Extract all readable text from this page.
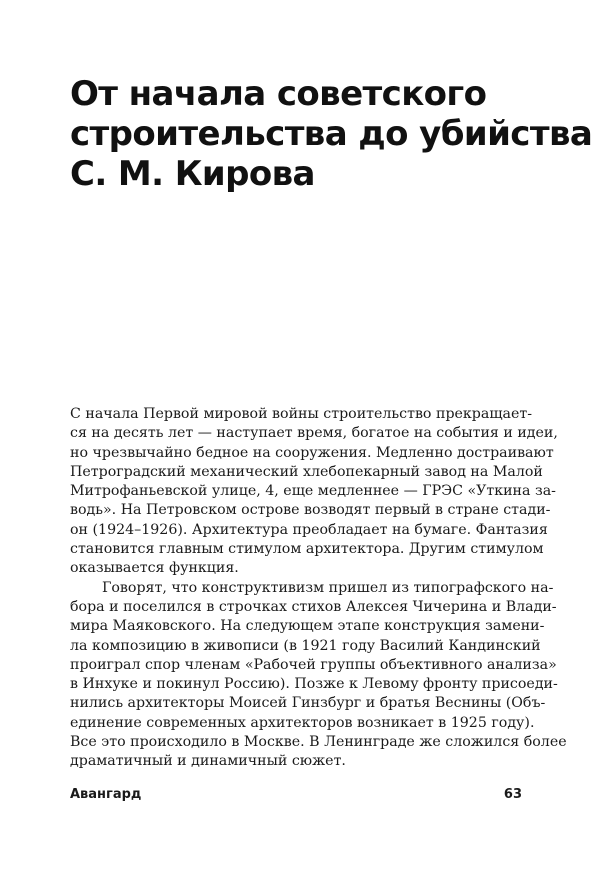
От начала советского
строительства до убийства
С. М. Кирова
С начала Первой мировой войны строительство прекращает-
ся на десять лет — наступает время, богатое на события и идеи,
но чрезвычайно бедное на сооружения. Медленно достраивают
Петроградский механический хлебопекарный завод на Малой
Митрофаньевской улице, 4, еще медленнее — ГРЭС «Уткина за-
водь». На Петровском острове возводят первый в стране стади-
он (1924–1926). Архитектура преобладает на бумаге. Фантазия
становится главным стимулом архитектора. Другим стимулом
оказывается функция.
Говорят, что конструктивизм пришел из типографского на-
бора и поселился в строчках стихов Алексея Чичерина и Влади-
мира Маяковского. На следующем этапе конструкция замени-
ла композицию в живописи (в 1921 году Василий Кандинский
проиграл спор членам «Рабочей группы объективного анализа»
в Инхуке и покинул Россию). Позже к Левому фронту присоеди-
нились архитекторы Моисей Гинзбург и братья Веснины (Объ-
единение современных архитекторов возникает в 1925 году).
Все это происходило в Москве. В Ленинграде же сложился более
драматичный и динамичный сюжет.
Авангард	63
